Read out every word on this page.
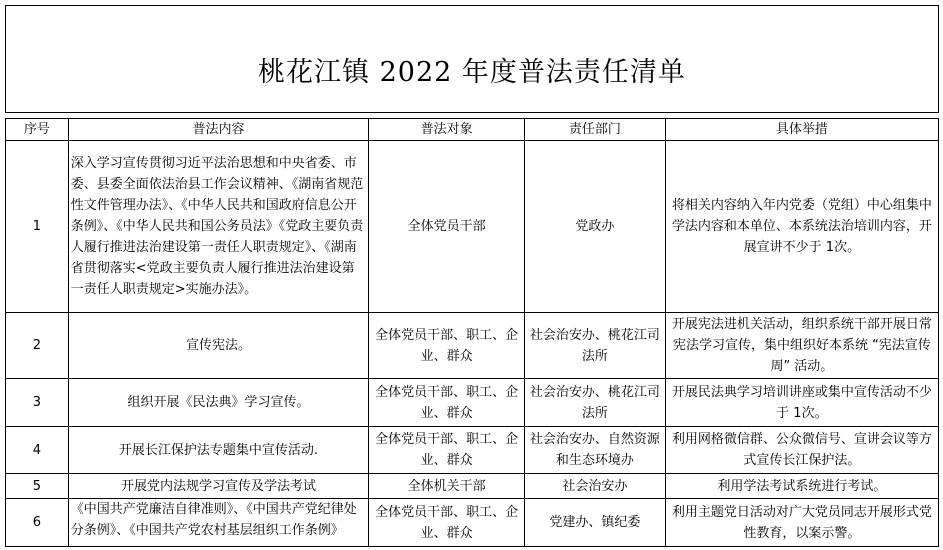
桃花江镇 2022 年度普法责任清单
序号	普法内容	普法对象	责任部门	具体举措
1	深入学习宣传贯彻习近平法治思想和中央省委、市委、县委全面依法治县工作会议精神、《湖南省规范性文件管理办法》、《中华人民共和国政府信息公开条例》、《中华人民共和国公务员法》《党政主要负责人履行推进法治建设第一责任人职责规定》、《湖南省贯彻落实<党政主要负责人履行推进法治建设第一责任人职责规定>实施办法》。	全体党员干部	党政办	将相关内容纳入年内党委（党组）中心组集中学法内容和本单位、本系统法治培训内容，开展宣讲不少于 1次。
2	宣传宪法。	全体党员干部、职工、企业、群众	社会治安办、桃花江司法所	开展宪法进机关活动，组织系统干部开展日常宪法学习宣传，集中组织好本系统 “宪法宣传周” 活动。
3	组织开展《民法典》学习宣传。	全体党员干部、职工、企业、群众	社会治安办、桃花江司法所	开展民法典学习培训讲座或集中宣传活动不少于 1次。
4	开展长江保护法专题集中宣传活动.	全体党员干部、职工、企业、群众	社会治安办、自然资源和生态环境办	利用网格微信群、公众微信号、宣讲会议等方式宣传长江保护法。
5	开展党内法规学习宣传及学法考试	全体机关干部	社会治安办	利用学法考试系统进行考试。
6	《中国共产党廉洁自律准则》、《中国共产党纪律处分条例》、《中国共产党农村基层组织工作条例》	全体党员干部、职工、企业、群众	党建办、镇纪委	利用主题党日活动对广大党员同志开展形式党性教育，以案示警。
